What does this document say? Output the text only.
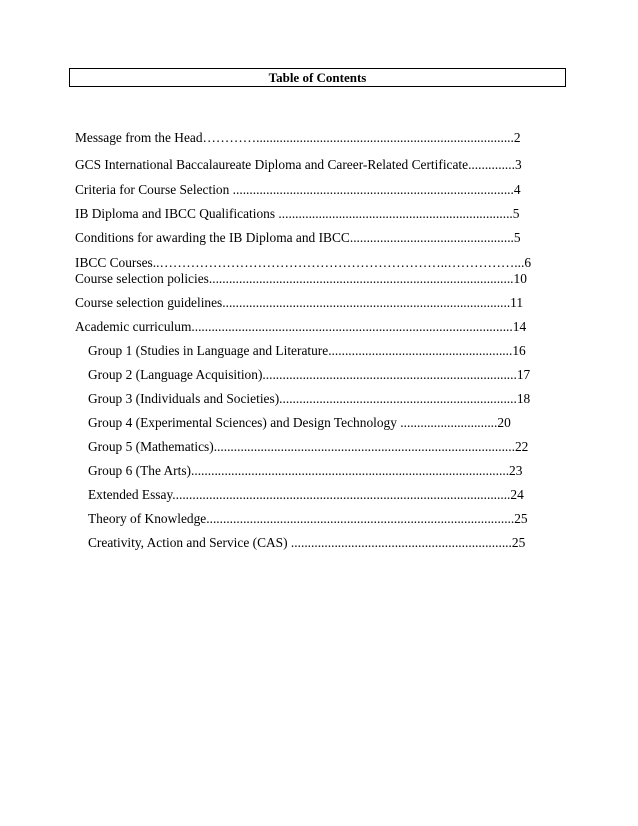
Table of Contents
Message from the Head………….............................................................................2
GCS International Baccalaureate Diploma and Career-Related Certificate..............3
Criteria for Course Selection ....................................................................................4
IB Diploma and IBCC Qualifications ......................................................................5
Conditions for awarding the IB Diploma and IBCC.................................................5
IBCC Courses..………………………………………………………..……………...6
Course selection policies...........................................................................................10
Course selection guidelines......................................................................................11
Academic curriculum................................................................................................14
Group 1 (Studies in Language and Literature.......................................................16
Group 2 (Language Acquisition)............................................................................17
Group 3 (Individuals and Societies).......................................................................18
Group 4 (Experimental Sciences) and Design Technology .............................20
Group 5 (Mathematics)..........................................................................................22
Group 6 (The Arts)...............................................................................................23
Extended Essay.....................................................................................................24
Theory of Knowledge............................................................................................25
Creativity, Action and Service (CAS) ..................................................................25
